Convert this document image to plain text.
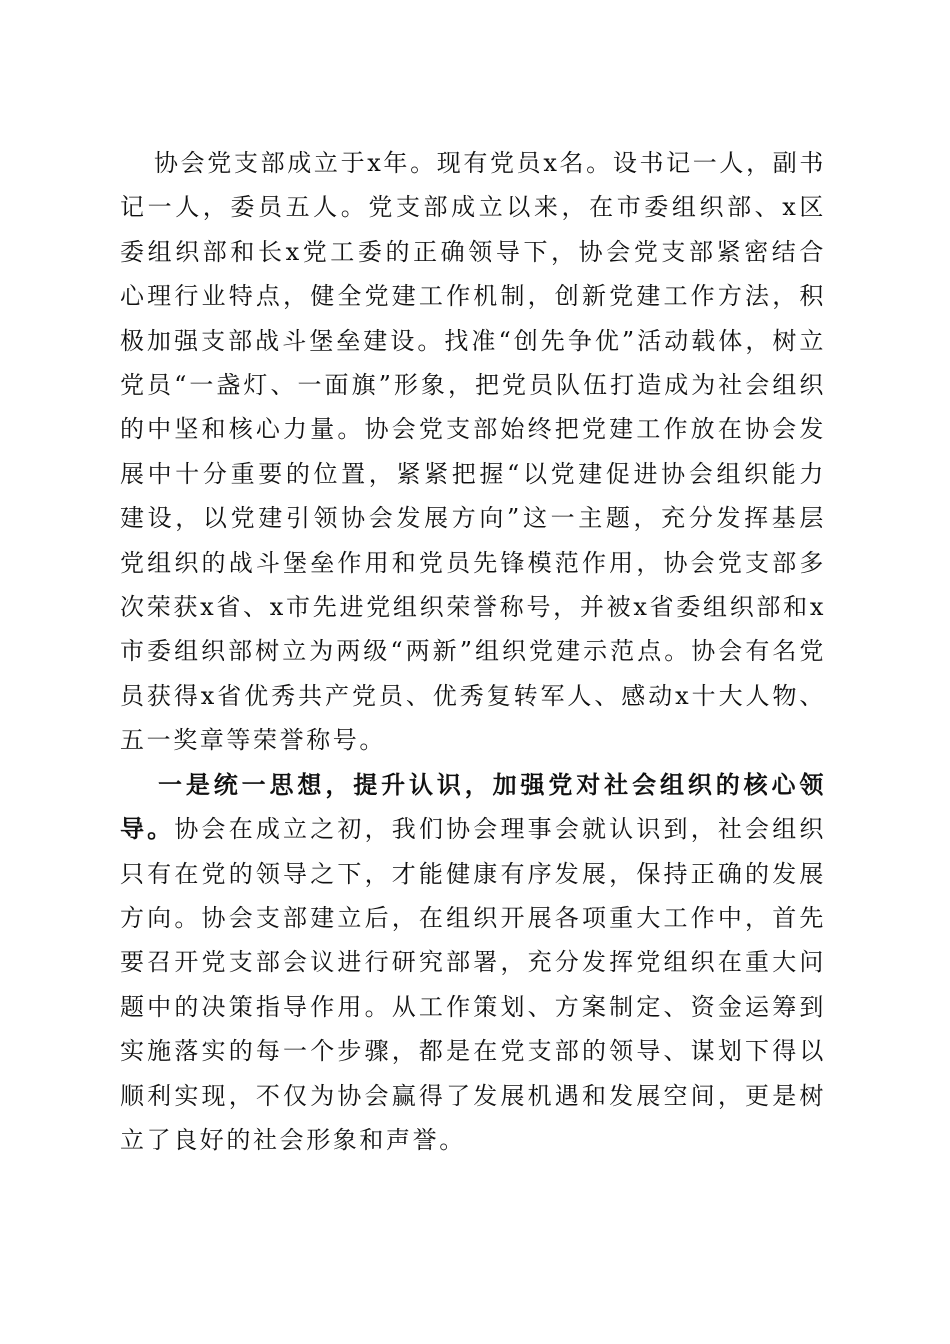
协会党支部成立于x年。现有党员x名。设书记一人，副书记一人，委员五人。党支部成立以来，在市委组织部、x区委组织部和长x党工委的正确领导下，协会党支部紧密结合心理行业特点，健全党建工作机制，创新党建工作方法，积极加强支部战斗堡垒建设。找准“创先争优”活动载体，树立党员“一盏灯、一面旗”形象，把党员队伍打造成为社会组织的中坚和核心力量。协会党支部始终把党建工作放在协会发展中十分重要的位置，紧紧把握“以党建促进协会组织能力建设，以党建引领协会发展方向”这一主题，充分发挥基层党组织的战斗堡垒作用和党员先锋模范作用，协会党支部多次荣获x省、x市先进党组织荣誉称号，并被x省委组织部和x市委组织部树立为两级“两新”组织党建示范点。协会有名党员获得x省优秀共产党员、优秀复转军人、感动x十大人物、五一奖章等荣誉称号。

一是统一思想，提升认识，加强党对社会组织的核心领导。协会在成立之初，我们协会理事会就认识到，社会组织只有在党的领导之下，才能健康有序发展，保持正确的发展方向。协会支部建立后，在组织开展各项重大工作中，首先要召开党支部会议进行研究部署，充分发挥党组织在重大问题中的决策指导作用。从工作策划、方案制定、资金运筹到实施落实的每一个步骤，都是在党支部的领导、谋划下得以顺利实现，不仅为协会赢得了发展机遇和发展空间，更是树立了良好的社会形象和声誉。
